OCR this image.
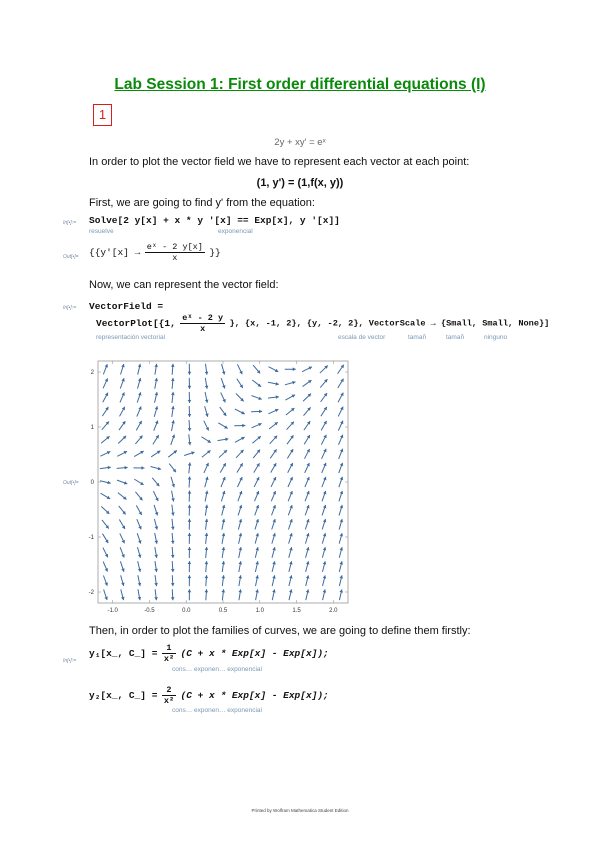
Lab Session 1: First order differential equations (I)
1
2y + xy' = eˣ
In order to plot the vector field we have to represent each vector at each point:
(1, y') = (1,f(x, y))
First, we are going to find y' from the equation:
In[•]:= Solve[2 y[x] + x * y '[x] == Exp[x], y '[x]]
resuelve	exponencial
Out[•]= {{$y'[x] \to \frac{\text{eˣ - 2 y[x]}}{x}$ }}
Now, we can represent the vector field:
In[•]:= VectorField =
VectorPlot[{1, $\frac{\text{eˣ - 2 y}}{x}$ }, {x, -1, 2}, {y, -2, 2}, VectorScale → {Small, Small, None}]
representación vectorial	escala de vector	tamañ	tamañ	ninguno
Out[•]=
-1.0	-0.5	0.0	0.5	1.0	1.5	2.0
-2
-1
0
1
2
Then, in order to plot the families of curves, we are going to define them firstly:
In[•]:=
y₁[x_, C_] = $\frac{1}{\text{x²}} (C + x * Exp[x] - Exp[x])$;
cons… exponen… exponencial
y₂[x_, C_] = $\frac{2}{\text{x²}} (C + x * Exp[x] - Exp[x])$;
cons… exponen… exponencial
Printed by Wolfram Mathematica Student Edition
